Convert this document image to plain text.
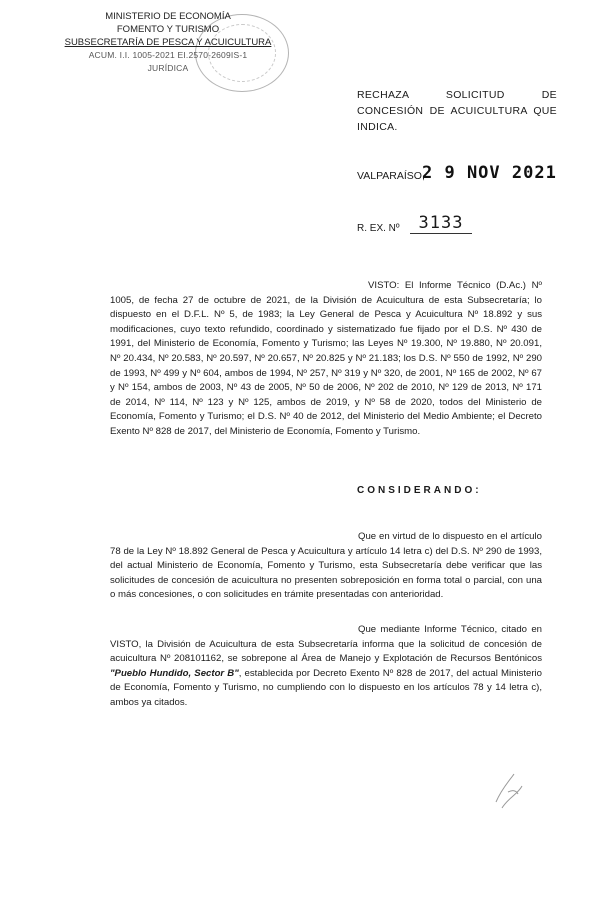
MINISTERIO DE ECONOMÍA
FOMENTO Y TURISMO
SUBSECRETARÍA DE PESCA Y ACUICULTURA
ACUM. I.I. 1005-2021 EI.2570-2609IS-1
JURÍDICA
RECHAZA SOLICITUD DE CONCESIÓN DE ACUICULTURA QUE INDICA.
VALPARAÍSO,
2 9 NOV 2021
R. EX. Nº	3133
VISTO: El Informe Técnico (D.Ac.) Nº 1005, de fecha 27 de octubre de 2021, de la División de Acuicultura de esta Subsecretaría; lo dispuesto en el D.F.L. Nº 5, de 1983; la Ley General de Pesca y Acuicultura Nº 18.892 y sus modificaciones, cuyo texto refundido, coordinado y sistematizado fue fijado por el D.S. Nº 430 de 1991, del Ministerio de Economía, Fomento y Turismo; las Leyes Nº 19.300, Nº 19.880, Nº 20.091, Nº 20.434, Nº 20.583, Nº 20.597, Nº 20.657, Nº 20.825 y Nº 21.183; los D.S. Nº 550 de 1992, Nº 290 de 1993, Nº 499 y Nº 604, ambos de 1994, Nº 257, Nº 319 y Nº 320, de 2001, Nº 165 de 2002, Nº 67 y Nº 154, ambos de 2003, Nº 43 de 2005, Nº 50 de 2006, Nº 202 de 2010, Nº 129 de 2013, Nº 171 de 2014, Nº 114, Nº 123 y Nº 125, ambos de 2019, y Nº 58 de 2020, todos del Ministerio de Economía, Fomento y Turismo; el D.S. Nº 40 de 2012, del Ministerio del Medio Ambiente; el Decreto Exento Nº 828 de 2017, del Ministerio de Economía, Fomento y Turismo.
CONSIDERANDO:
Que en virtud de lo dispuesto en el artículo 78 de la Ley Nº 18.892 General de Pesca y Acuicultura y artículo 14 letra c) del D.S. Nº 290 de 1993, del actual Ministerio de Economía, Fomento y Turismo, esta Subsecretaría debe verificar que las solicitudes de concesión de acuicultura no presenten sobreposición en forma total o parcial, con una o más concesiones, o con solicitudes en trámite presentadas con anterioridad.
Que mediante Informe Técnico, citado en VISTO, la División de Acuicultura de esta Subsecretaría informa que la solicitud de concesión de acuicultura Nº 208101162, se sobrepone al Área de Manejo y Explotación de Recursos Bentónicos "Pueblo Hundido, Sector B", establecida por Decreto Exento Nº 828 de 2017, del actual Ministerio de Economía, Fomento y Turismo, no cumpliendo con lo dispuesto en los artículos 78 y 14 letra c), ambos ya citados.
